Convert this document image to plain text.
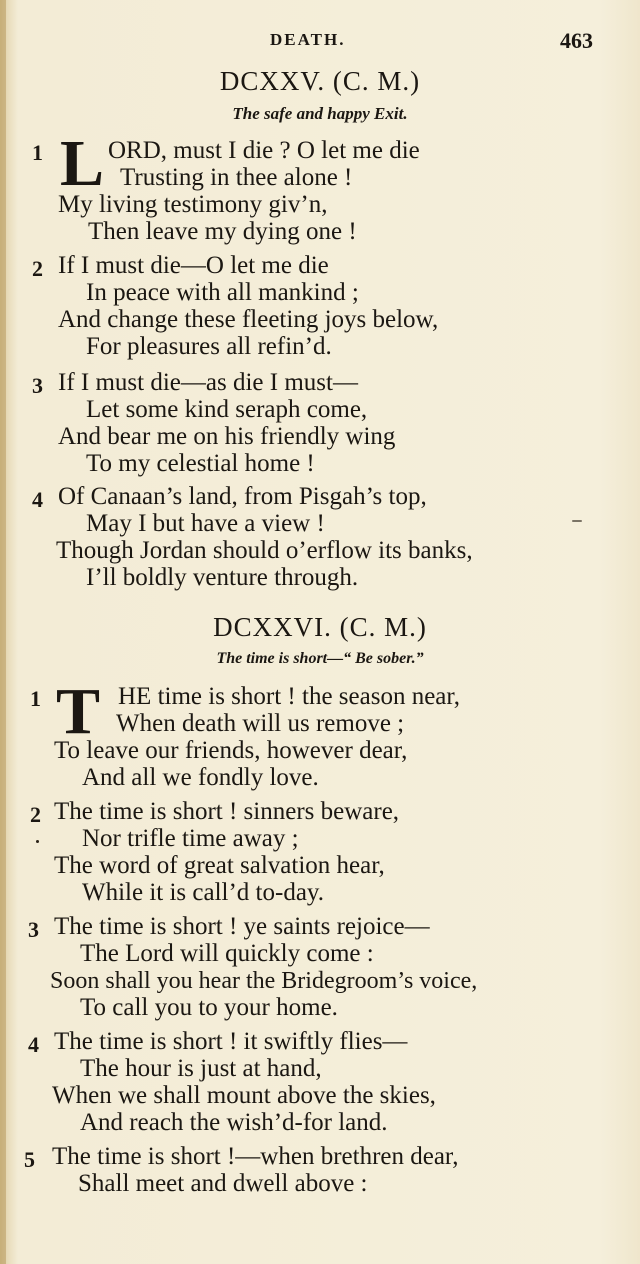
DEATH.	463
DCXXV. (C. M.)
The safe and happy Exit.
1 L ORD, must I die ? O let me die
Trusting in thee alone !
My living testimony giv’n,
Then leave my dying one !
2 If I must die—O let me die
In peace with all mankind ;
And change these fleeting joys below,
For pleasures all refin’d.
3 If I must die—as die I must—
Let some kind seraph come,
And bear me on his friendly wing
To my celestial home !
4 Of Canaan’s land, from Pisgah’s top,
May I but have a view !
Though Jordan should o’erflow its banks,
I’ll boldly venture through.
DCXXVI. (C. M.)
The time is short—“ Be sober.”
1 T HE time is short ! the season near,
When death will us remove ;
To leave our friends, however dear,
And all we fondly love.
2 The time is short ! sinners beware,
Nor trifle time away ;
The word of great salvation hear,
While it is call’d to-day.
3 The time is short ! ye saints rejoice—
The Lord will quickly come :
Soon shall you hear the Bridegroom’s voice,
To call you to your home.
4 The time is short ! it swiftly flies—
The hour is just at hand,
When we shall mount above the skies,
And reach the wish’d-for land.
5 The time is short !—when brethren dear,
Shall meet and dwell above :
